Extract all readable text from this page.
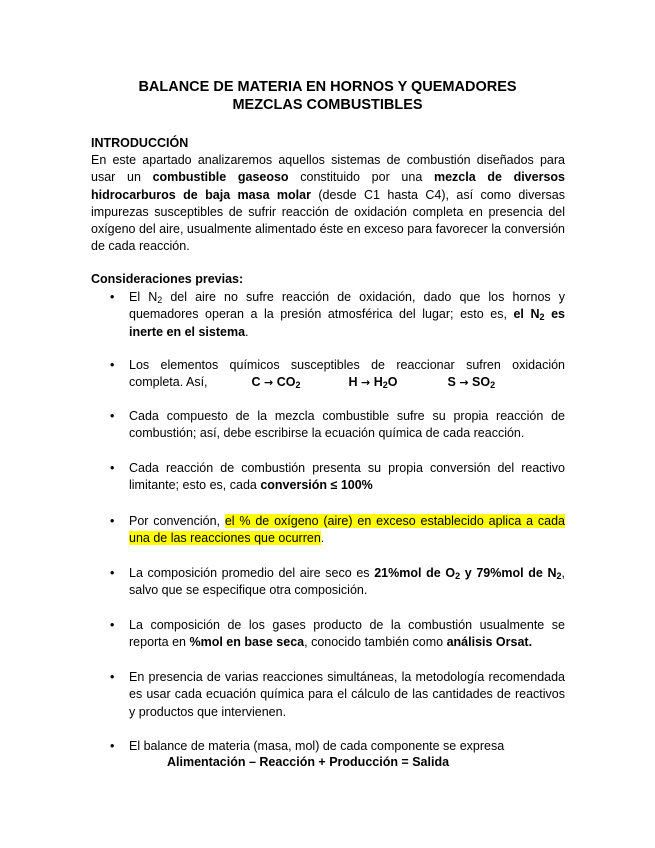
BALANCE DE MATERIA EN HORNOS Y QUEMADORES
MEZCLAS COMBUSTIBLES
INTRODUCCIÓN
En este apartado analizaremos aquellos sistemas de combustión diseñados para usar un combustible gaseoso constituido por una mezcla de diversos hidrocarburos de baja masa molar (desde C1 hasta C4), así como diversas impurezas susceptibles de sufrir reacción de oxidación completa en presencia del oxígeno del aire, usualmente alimentado éste en exceso para favorecer la conversión de cada reacción.
Consideraciones previas:
•	El $N_2$ del aire no sufre reacción de oxidación, dado que los hornos y quemadores operan a la presión atmosférica del lugar; esto es, el $N_2$ es inerte en el sistema.
•	Los elementos químicos susceptibles de reaccionar sufren oxidación completa. Así,	$C \to CO_2$	$H \to H_2O$	$S \to SO_2$
•	Cada compuesto de la mezcla combustible sufre su propia reacción de combustión; así, debe escribirse la ecuación química de cada reacción.
•	Cada reacción de combustión presenta su propia conversión del reactivo limitante; esto es, cada conversión ≤ 100%
•	Por convención, el % de oxígeno (aire) en exceso establecido aplica a cada una de las reacciones que ocurren.
•	La composición promedio del aire seco es 21%mol de $O_2$ y 79%mol de $N_2$, salvo que se especifique otra composición.
•	La composición de los gases producto de la combustión usualmente se reporta en %mol en base seca, conocido también como análisis Orsat.
•	En presencia de varias reacciones simultáneas, la metodología recomendada es usar cada ecuación química para el cálculo de las cantidades de reactivos y productos que intervienen.
•	El balance de materia (masa, mol) de cada componente se expresa
Alimentación – Reacción + Producción = Salida
